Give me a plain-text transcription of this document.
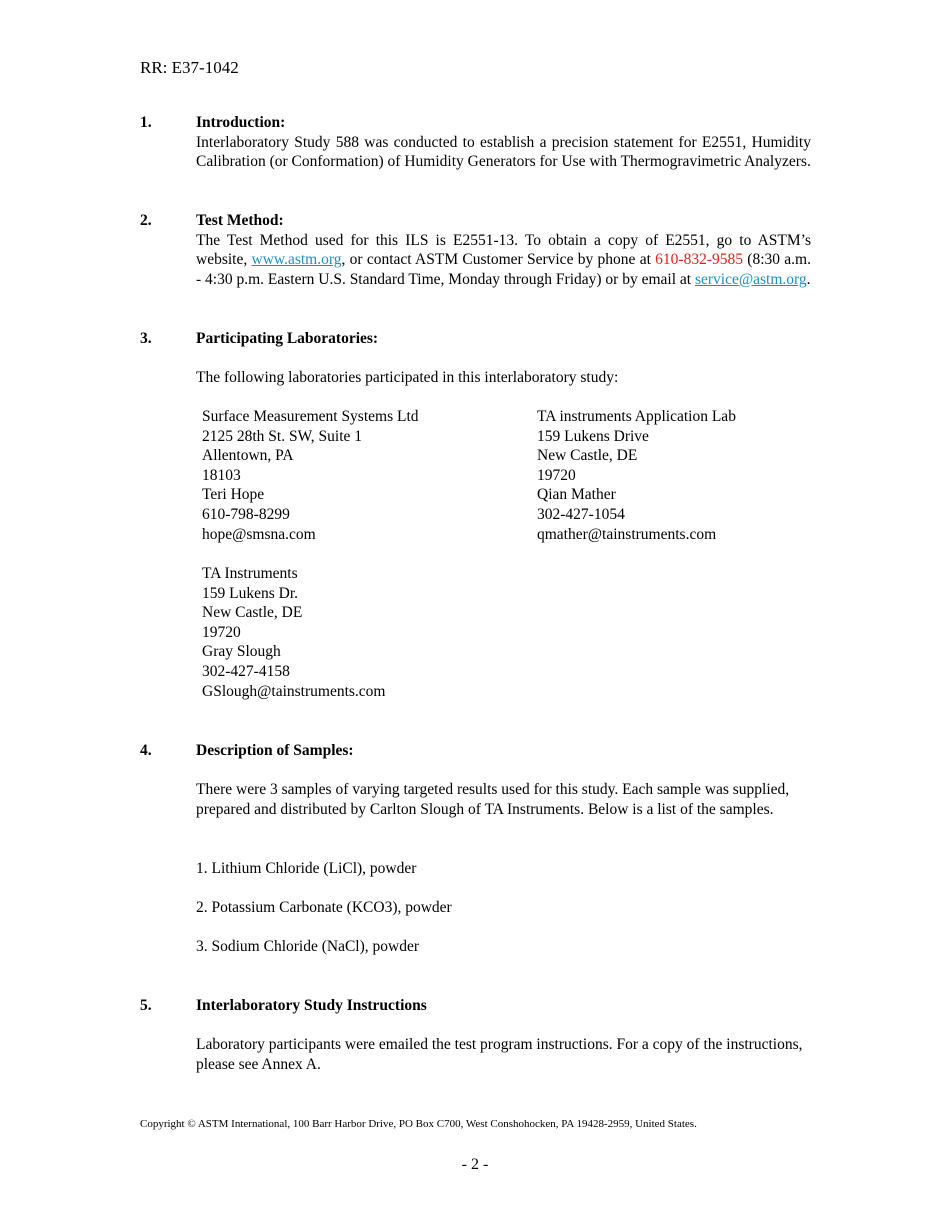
RR: E37-1042
1.	Introduction:
Interlaboratory Study 588 was conducted to establish a precision statement for E2551, Humidity Calibration (or Conformation) of Humidity Generators for Use with Thermogravimetric Analyzers.
2.	Test Method:
The Test Method used for this ILS is E2551-13. To obtain a copy of E2551, go to ASTM’s website, www.astm.org, or contact ASTM Customer Service by phone at 610-832-9585 (8:30 a.m. - 4:30 p.m. Eastern U.S. Standard Time, Monday through Friday) or by email at service@astm.org.
3.	Participating Laboratories:
The following laboratories participated in this interlaboratory study:
Surface Measurement Systems Ltd
2125 28th St. SW, Suite 1
Allentown, PA
18103
Teri Hope
610-798-8299
hope@smsna.com
TA instruments Application Lab
159 Lukens Drive
New Castle, DE
19720
Qian Mather
302-427-1054
qmather@tainstruments.com
TA Instruments
159 Lukens Dr.
New Castle, DE
19720
Gray Slough
302-427-4158
GSlough@tainstruments.com
4.	Description of Samples:
There were 3 samples of varying targeted results used for this study. Each sample was supplied, prepared and distributed by Carlton Slough of TA Instruments. Below is a list of the samples.
1. Lithium Chloride (LiCl), powder
2. Potassium Carbonate (KCO3), powder
3. Sodium Chloride (NaCl), powder
5.	Interlaboratory Study Instructions
Laboratory participants were emailed the test program instructions. For a copy of the instructions, please see Annex A.
Copyright © ASTM International, 100 Barr Harbor Drive, PO Box C700, West Conshohocken, PA 19428-2959, United States.
- 2 -
